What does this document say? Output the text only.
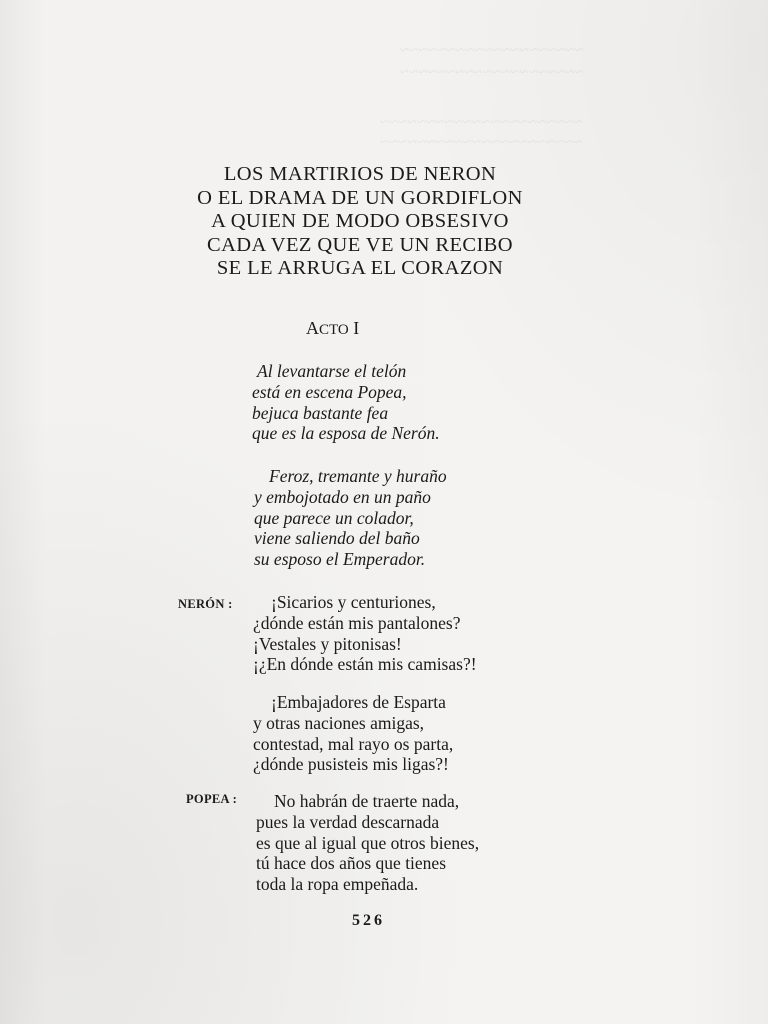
~~~~~~~~~~~~~~~~~~~~
~~~~~~~~~~~~~~~~~~~~
~~~~~~~~~~~~~~~~~~~~~~
~~~~~~~~~~~~~~~~~~~~~~
LOS MARTIRIOS DE NERON
O EL DRAMA DE UN GORDIFLON
A QUIEN DE MODO OBSESIVO
CADA VEZ QUE VE UN RECIBO
SE LE ARRUGA EL CORAZON
ACTO I
Al levantarse el telón
está en escena Popea,
bejuca bastante fea
que es la esposa de Nerón.
Feroz, tremante y huraño
y embojotado en un paño
que parece un colador,
viene saliendo del baño
su esposo el Emperador.
NERÓN :	¡Sicarios y centuriones,
¿dónde están mis pantalones?
¡Vestales y pitonisas!
¡¿En dónde están mis camisas?!
¡Embajadores de Esparta
y otras naciones amigas,
contestad, mal rayo os parta,
¿dónde pusisteis mis ligas?!
POPEA :	No habrán de traerte nada,
pues la verdad descarnada
es que al igual que otros bienes,
tú hace dos años que tienes
toda la ropa empeñada.
526
